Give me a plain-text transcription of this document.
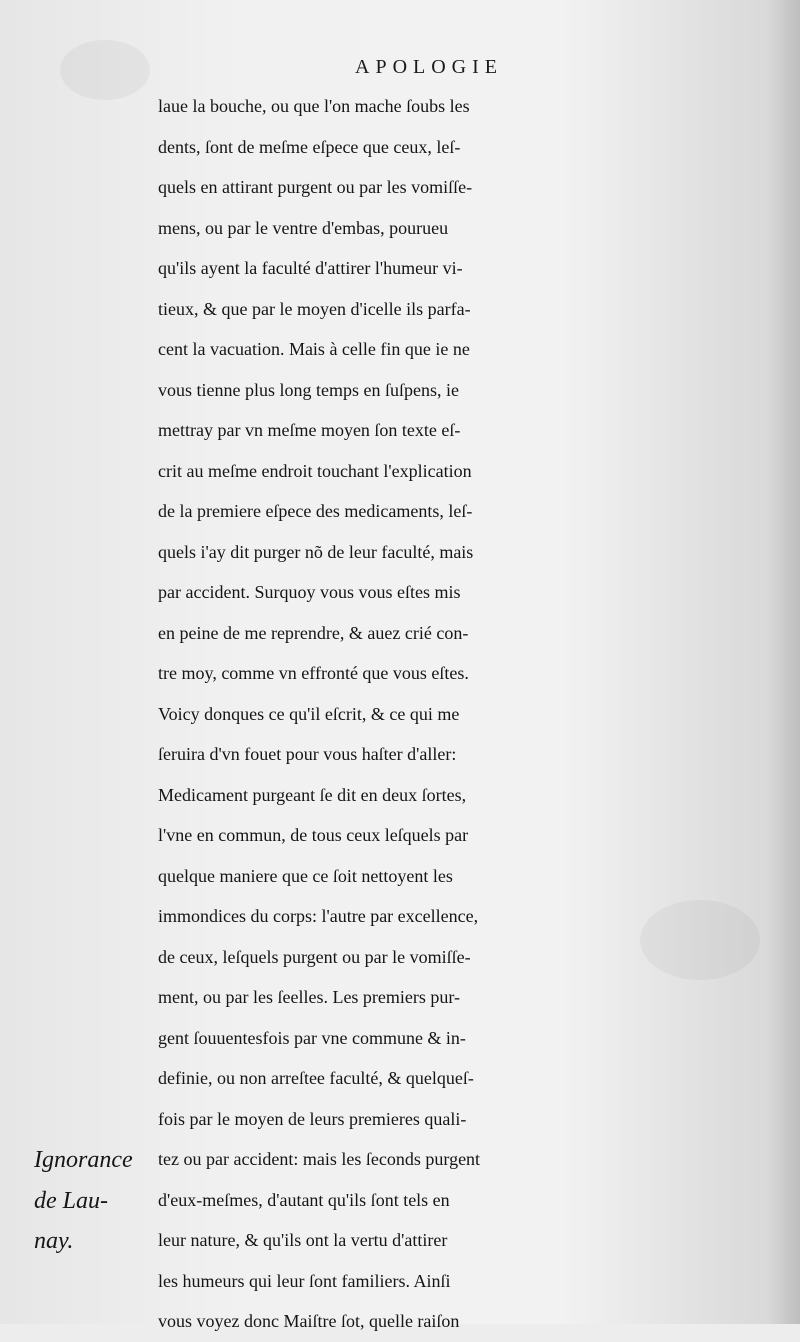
APOLOGIE
laue la bouche, ou que l'on mache ſoubs les
dents, ſont de meſme eſpece que ceux, leſ-
quels en attirant purgent ou par les vomiſſe-
mens, ou par le ventre d'embas, pourueu
qu'ils ayent la faculté d'attirer l'humeur vi-
tieux, & que par le moyen d'icelle ils parfa-
cent la vacuation. Mais à celle fin que ie ne
vous tienne plus long temps en ſuſpens, ie
mettray par vn meſme moyen ſon texte eſ-
crit au meſme endroit touchant l'explication
de la premiere eſpece des medicaments, leſ-
quels i'ay dit purger nõ de leur faculté, mais
par accident. Surquoy vous vous eſtes mis
en peine de me reprendre, & auez crié con-
tre moy, comme vn effronté que vous eſtes.
Voicy donques ce qu'il eſcrit, & ce qui me
ſeruira d'vn fouet pour vous haſter d'aller:
Medicament purgeant ſe dit en deux ſortes,
l'vne en commun, de tous ceux leſquels par
quelque maniere que ce ſoit nettoyent les
immondices du corps: l'autre par excellence,
de ceux, leſquels purgent ou par le vomiſſe-
ment, ou par les ſeelles. Les premiers pur-
gent ſouuentesfois par vne commune & in-
definie, ou non arreſtee faculté, & quelqueſ-
fois par le moyen de leurs premieres quali-
tez ou par accident: mais les ſeconds purgent
d'eux-meſmes, d'autant qu'ils ſont tels en
leur nature, & qu'ils ont la vertu d'attirer
les humeurs qui leur ſont familiers. Ainſi
vous voyez donc Maiſtre ſot, quelle raiſon
Ignorance
de Lau-
nay.
